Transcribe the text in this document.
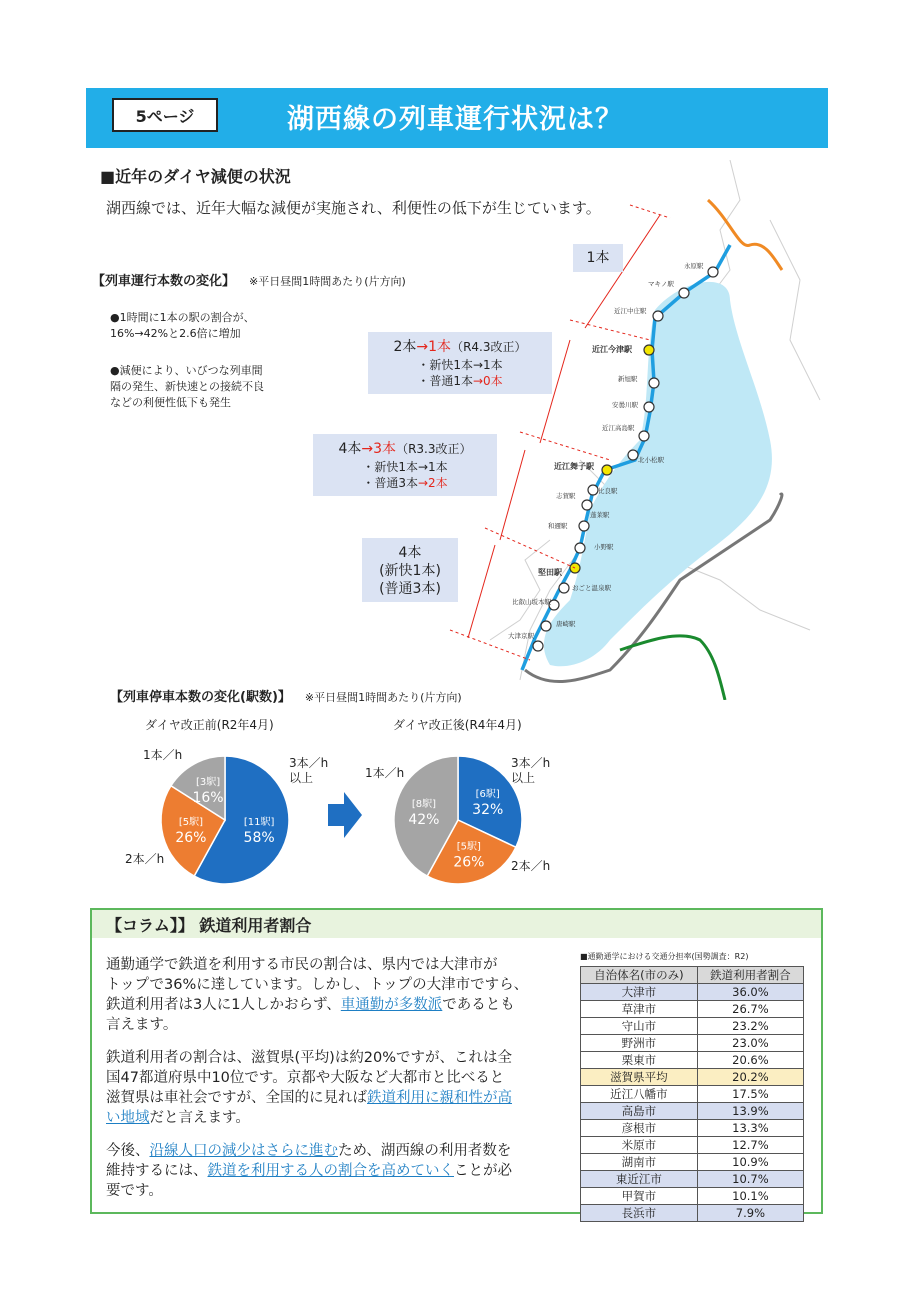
5ページ	湖西線の列車運行状況は？
■近年のダイヤ減便の状況
湖西線では、近年大幅な減便が実施され、利便性の低下が生じています。
【列車運行本数の変化】 ※平日昼間1時間あたり(片方向)
●1時間に1本の駅の割合が、
16%→42%と2.6倍に増加
●減便により、いびつな列車間
隔の発生、新快速との接続不良
などの利便性低下も発生
永原駅
マキノ駅
近江中庄駅
近江今津駅
新旭駅
安曇川駅
近江高島駅
北小松駅
近江舞子駅
比良駅
志賀駅
蓬莱駅
和邇駅
小野駅
堅田駅
おごと温泉駅
比叡山坂本駅
唐崎駅
大津京駅
1本
2本→1本（R4.3改正）
・新快1本→1本
・普通1本→0本
4本→3本（R3.3改正）
・新快1本→1本
・普通3本→2本
4本
(新快1本)
(普通3本)
【列車停車本数の変化(駅数)】 ※平日昼間1時間あたり(片方向)
ダイヤ改正前(R2年4月)	ダイヤ改正後(R4年4月)
[11駅]
58%
[5駅]
26%
[3駅]
16%	[6駅]
32%
[5駅]
26%
[8駅]
42%
1本／h
3本／h
以上
2本／h
1本／h
3本／h
以上
2本／h
【コラム】】 鉄道利用者割合
通勤通学で鉄道を利用する市民の割合は、県内では大津市が
トップで36%に達しています。しかし、トップの大津市ですら、
鉄道利用者は3人に1人しかおらず、車通勤が多数派であるとも
言えます。
鉄道利用者の割合は、滋賀県(平均)は約20%ですが、これは全
国47都道府県中10位です。京都や大阪など大都市と比べると
滋賀県は車社会ですが、全国的に見れば鉄道利用に親和性が高
い地域だと言えます。
今後、沿線人口の減少はさらに進むため、湖西線の利用者数を
維持するには、鉄道を利用する人の割合を高めていくことが必
要です。
■通勤通学における交通分担率(国勢調査：R2)
自治体名(市のみ)	鉄道利用者割合
大津市	36.0%
草津市	26.7%
守山市	23.2%
野洲市	23.0%
栗東市	20.6%
滋賀県平均	20.2%
近江八幡市	17.5%
高島市	13.9%
彦根市	13.3%
米原市	12.7%
湖南市	10.9%
東近江市	10.7%
甲賀市	10.1%
長浜市	7.9%
